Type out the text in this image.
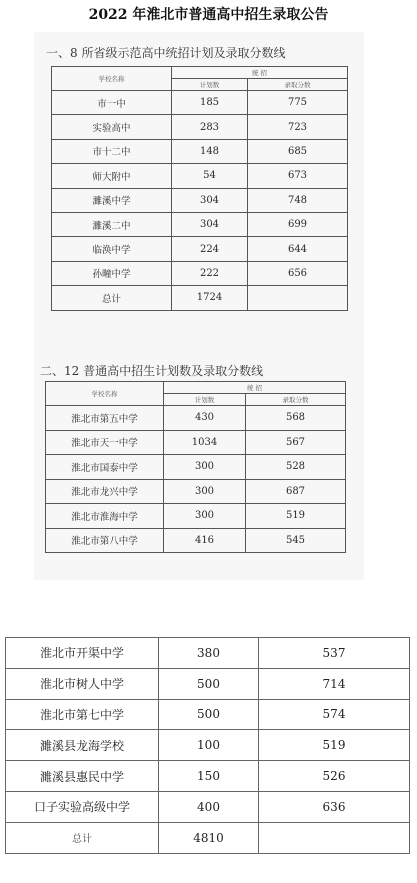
2022 年淮北市普通高中招生录取公告
一、8 所省级示范高中统招计划及录取分数线
学校名称	统 招	
	计划数	录取分数
市一中	185	775
实验高中	283	723
市十二中	148	685
师大附中	54	673
濉溪中学	304	748
濉溪二中	304	699
临涣中学	224	644
孙疃中学	222	656
总计	1724	
二、12 普通高中招生计划数及录取分数线
学校名称	统 招	
	计划数	录取分数
淮北市第五中学	430	568
淮北市天一中学	1034	567
淮北市国泰中学	300	528
淮北市龙兴中学	300	687
淮北市淮海中学	300	519
淮北市第八中学	416	545
淮北市开渠中学	380	537
淮北市树人中学	500	714
淮北市第七中学	500	574
濉溪县龙海学校	100	519
濉溪县惠民中学	150	526
口子实验高级中学	400	636
总计	4810	
